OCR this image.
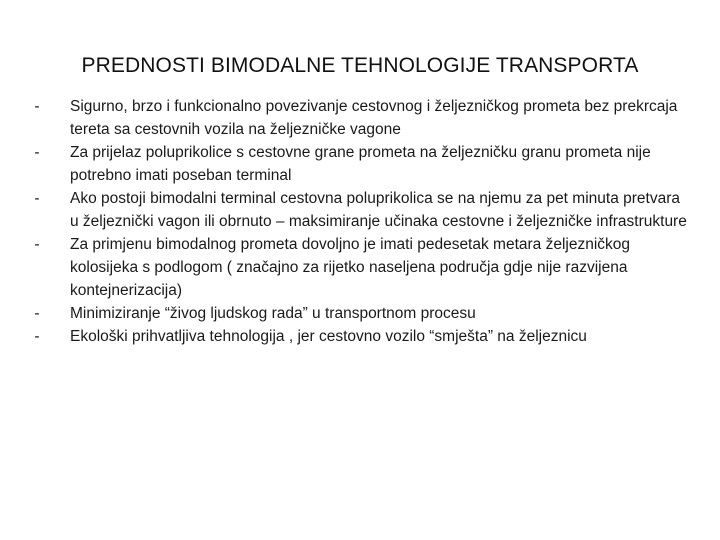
PREDNOSTI BIMODALNE TEHNOLOGIJE TRANSPORTA
- Sigurno, brzo i funkcionalno povezivanje cestovnog i željezničkog prometa bez prekrcaja tereta sa cestovnih vozila na željezničke vagone
- Za prijelaz poluprikolice s cestovne grane prometa na željezničku granu prometa nije potrebno imati poseban terminal
- Ako postoji bimodalni terminal cestovna poluprikolica se na njemu za pet minuta pretvara u željeznički vagon ili obrnuto – maksimiranje učinaka cestovne i željezničke infrastrukture
- Za primjenu bimodalnog prometa dovoljno je imati pedesetak metara željezničkog kolosijeka s podlogom ( značajno za rijetko naseljena područja gdje nije razvijena kontejnerizacija)
- Minimiziranje “živog ljudskog rada” u transportnom procesu
- Ekološki prihvatljiva tehnologija , jer cestovno vozilo “smješta” na željeznicu
